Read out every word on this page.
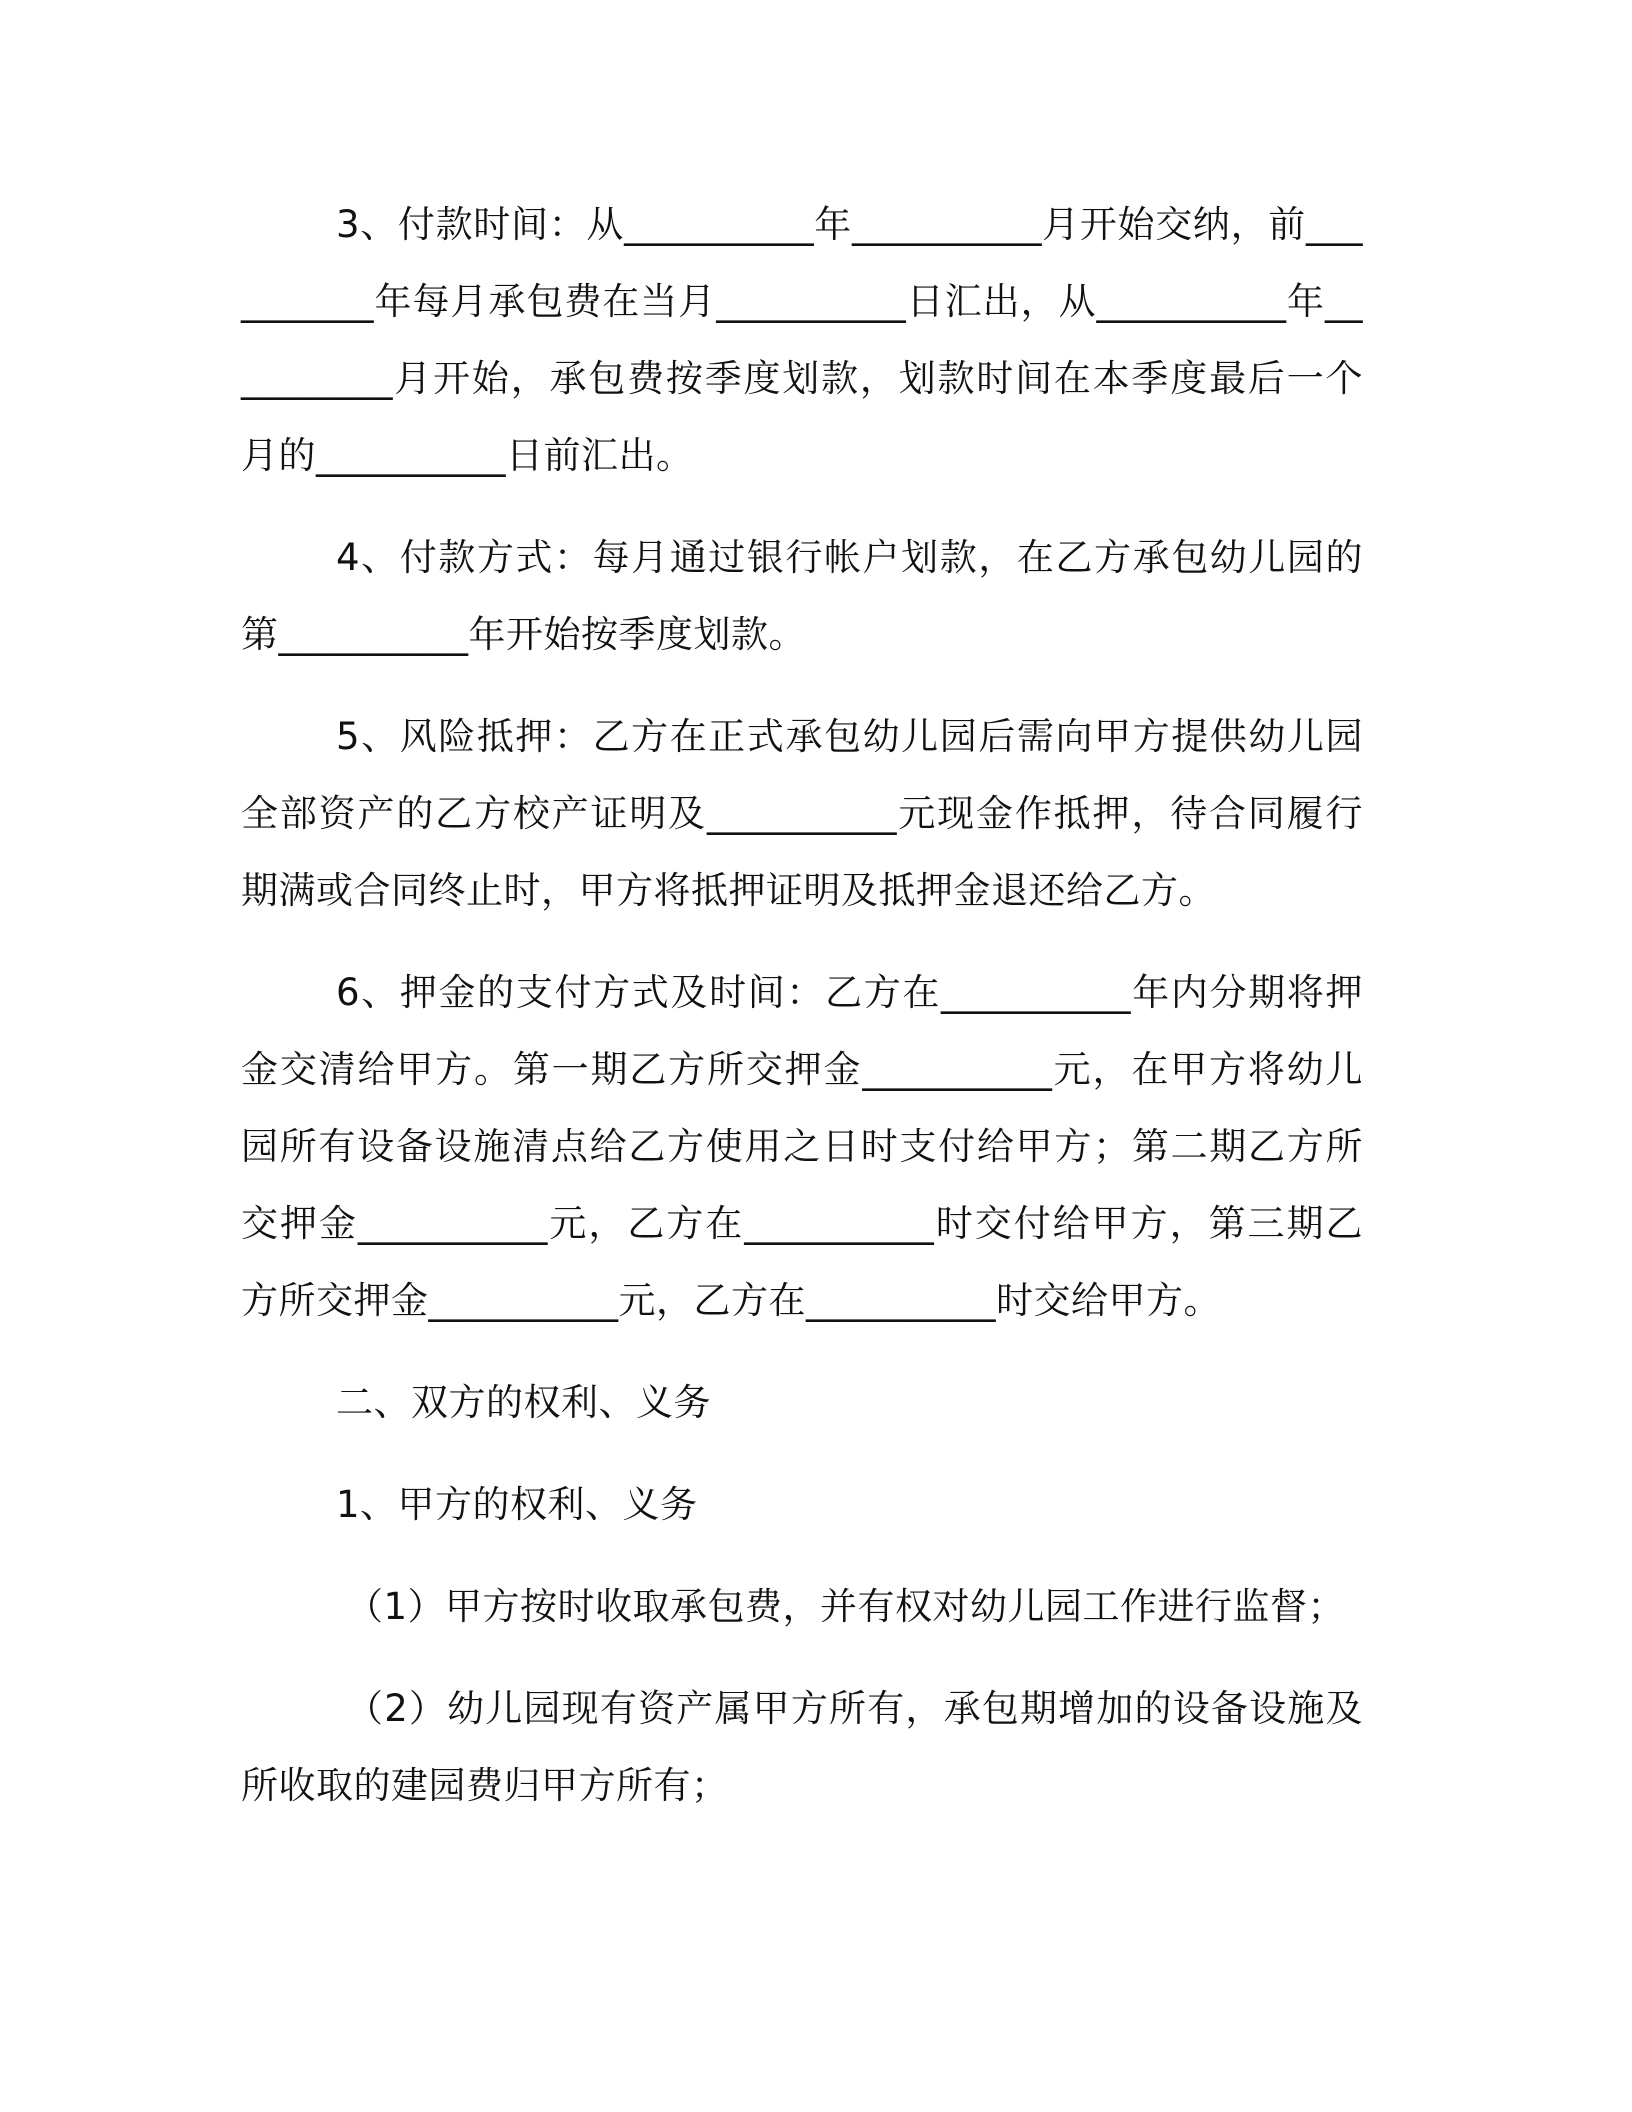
3、付款时间：从__________年__________月开始交纳，前__________年每月承包费在当月__________日汇出，从__________年__________月开始，承包费按季度划款，划款时间在本季度最后一个月的__________日前汇出。

4、付款方式：每月通过银行帐户划款，在乙方承包幼儿园的第__________年开始按季度划款。

5、风险抵押：乙方在正式承包幼儿园后需向甲方提供幼儿园全部资产的乙方校产证明及__________元现金作抵押，待合同履行期满或合同终止时，甲方将抵押证明及抵押金退还给乙方。

6、押金的支付方式及时间：乙方在__________年内分期将押金交清给甲方。第一期乙方所交押金__________元，在甲方将幼儿园所有设备设施清点给乙方使用之日时支付给甲方；第二期乙方所交押金__________元，乙方在__________时交付给甲方，第三期乙方所交押金__________元，乙方在__________时交给甲方。

二、双方的权利、义务

1、甲方的权利、义务

（1）甲方按时收取承包费，并有权对幼儿园工作进行监督；

（2）幼儿园现有资产属甲方所有，承包期增加的设备设施及所收取的建园费归甲方所有；
